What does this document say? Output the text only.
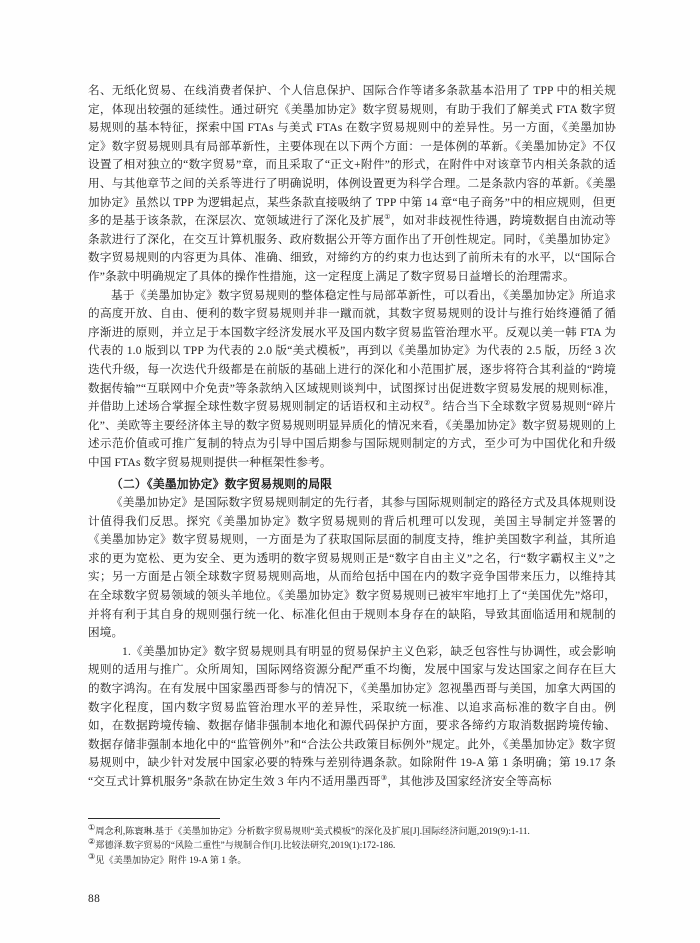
名、无纸化贸易、在线消费者保护、个人信息保护、国际合作等诸多条款基本沿用了 TPP 中的相关规定，体现出较强的延续性。通过研究《美墨加协定》数字贸易规则，有助于我们了解美式 FTA 数字贸易规则的基本特征，探索中国 FTAs 与美式 FTAs 在数字贸易规则中的差异性。另一方面，《美墨加协定》数字贸易规则具有局部革新性，主要体现在以下两个方面：一是体例的革新。《美墨加协定》不仅设置了相对独立的“数字贸易”章，而且采取了“正文+附件”的形式，在附件中对该章节内相关条款的适用、与其他章节之间的关系等进行了明确说明，体例设置更为科学合理。二是条款内容的革新。《美墨加协定》虽然以 TPP 为逻辑起点，某些条款直接吸纳了 TPP 中第 14 章“电子商务”中的相应规则，但更多的是基于该条款，在深层次、宽领域进行了深化及扩展①，如对非歧视性待遇，跨境数据自由流动等条款进行了深化，在交互计算机服务、政府数据公开等方面作出了开创性规定。同时，《美墨加协定》数字贸易规则的内容更为具体、准确、细致，对缔约方的约束力也达到了前所未有的水平，以“国际合作”条款中明确规定了具体的操作性措施，这一定程度上满足了数字贸易日益增长的治理需求。

基于《美墨加协定》数字贸易规则的整体稳定性与局部革新性，可以看出，《美墨加协定》所追求的高度开放、自由、便利的数字贸易规则并非一蹴而就，其数字贸易规则的设计与推行始终遵循了循序渐进的原则，并立足于本国数字经济发展水平及国内数字贸易监管治理水平。反观以美一韩 FTA 为代表的 1.0 版到以 TPP 为代表的 2.0 版“美式模板”，再到以《美墨加协定》为代表的 2.5 版，历经 3 次迭代升级，每一次迭代升级都是在前版的基础上进行的深化和小范围扩展，逐步将符合其利益的“跨境数据传输”“互联网中介免责”等条款纳入区域规则谈判中，试图探讨出促进数字贸易发展的规则标准，并借助上述场合掌握全球性数字贸易规则制定的话语权和主动权②。结合当下全球数字贸易规则“碎片化”、美欧等主要经济体主导的数字贸易规则明显异质化的情况来看，《美墨加协定》数字贸易规则的上述示范价值或可推广复制的特点为引导中国后期参与国际规则制定的方式，至少可为中国优化和升级中国 FTAs 数字贸易规则提供一种框架性参考。

（二）《美墨加协定》数字贸易规则的局限

《美墨加协定》是国际数字贸易规则制定的先行者，其参与国际规则制定的路径方式及具体规则设计值得我们反思。探究《美墨加协定》数字贸易规则的背后机理可以发现，美国主导制定并签署的《美墨加协定》数字贸易规则，一方面是为了获取国际层面的制度支持，维护美国数字利益，其所追求的更为宽松、更为安全、更为透明的数字贸易规则正是“数字自由主义”之名，行“数字霸权主义”之实；另一方面是占领全球数字贸易规则高地，从而给包括中国在内的数字竞争国带来压力，以维持其在全球数字贸易领域的领头羊地位。《美墨加协定》数字贸易规则已被牢牢地打上了“美国优先”烙印，并将有利于其自身的规则强行统一化、标准化但由于规则本身存在的缺陷，导致其面临适用和规制的困境。

1.《美墨加协定》数字贸易规则具有明显的贸易保护主义色彩，缺乏包容性与协调性，或会影响规则的适用与推广。众所周知，国际网络资源分配严重不均衡，发展中国家与发达国家之间存在巨大的数字鸿沟。在有发展中国家墨西哥参与的情况下，《美墨加协定》忽视墨西哥与美国，加拿大两国的数字化程度，国内数字贸易监管治理水平的差异性，采取统一标准、以追求高标准的数字自由。例如，在数据跨境传输、数据存储非强制本地化和源代码保护方面，要求各缔约方取消数据跨境传输、数据存储非强制本地化中的“监管例外”和“合法公共政策目标例外”规定。此外，《美墨加协定》数字贸易规则中，缺少针对发展中国家必要的特殊与差别待遇条款。如除附件 19-A 第 1 条明确；第 19.17 条“交互式计算机服务”条款在协定生效 3 年内不适用墨西哥③，其他涉及国家经济安全等高标

①周念利,陈寰琳.基于《美墨加协定》分析数字贸易规则“美式模板”的深化及扩展[J].国际经济问题,2019(9):1-11.

②郑德泽.数字贸易的“风险二重性”与规制合作[J].比较法研究,2019(1):172-186.

③见《美墨加协定》附件 19-A 第 1 条。

88
